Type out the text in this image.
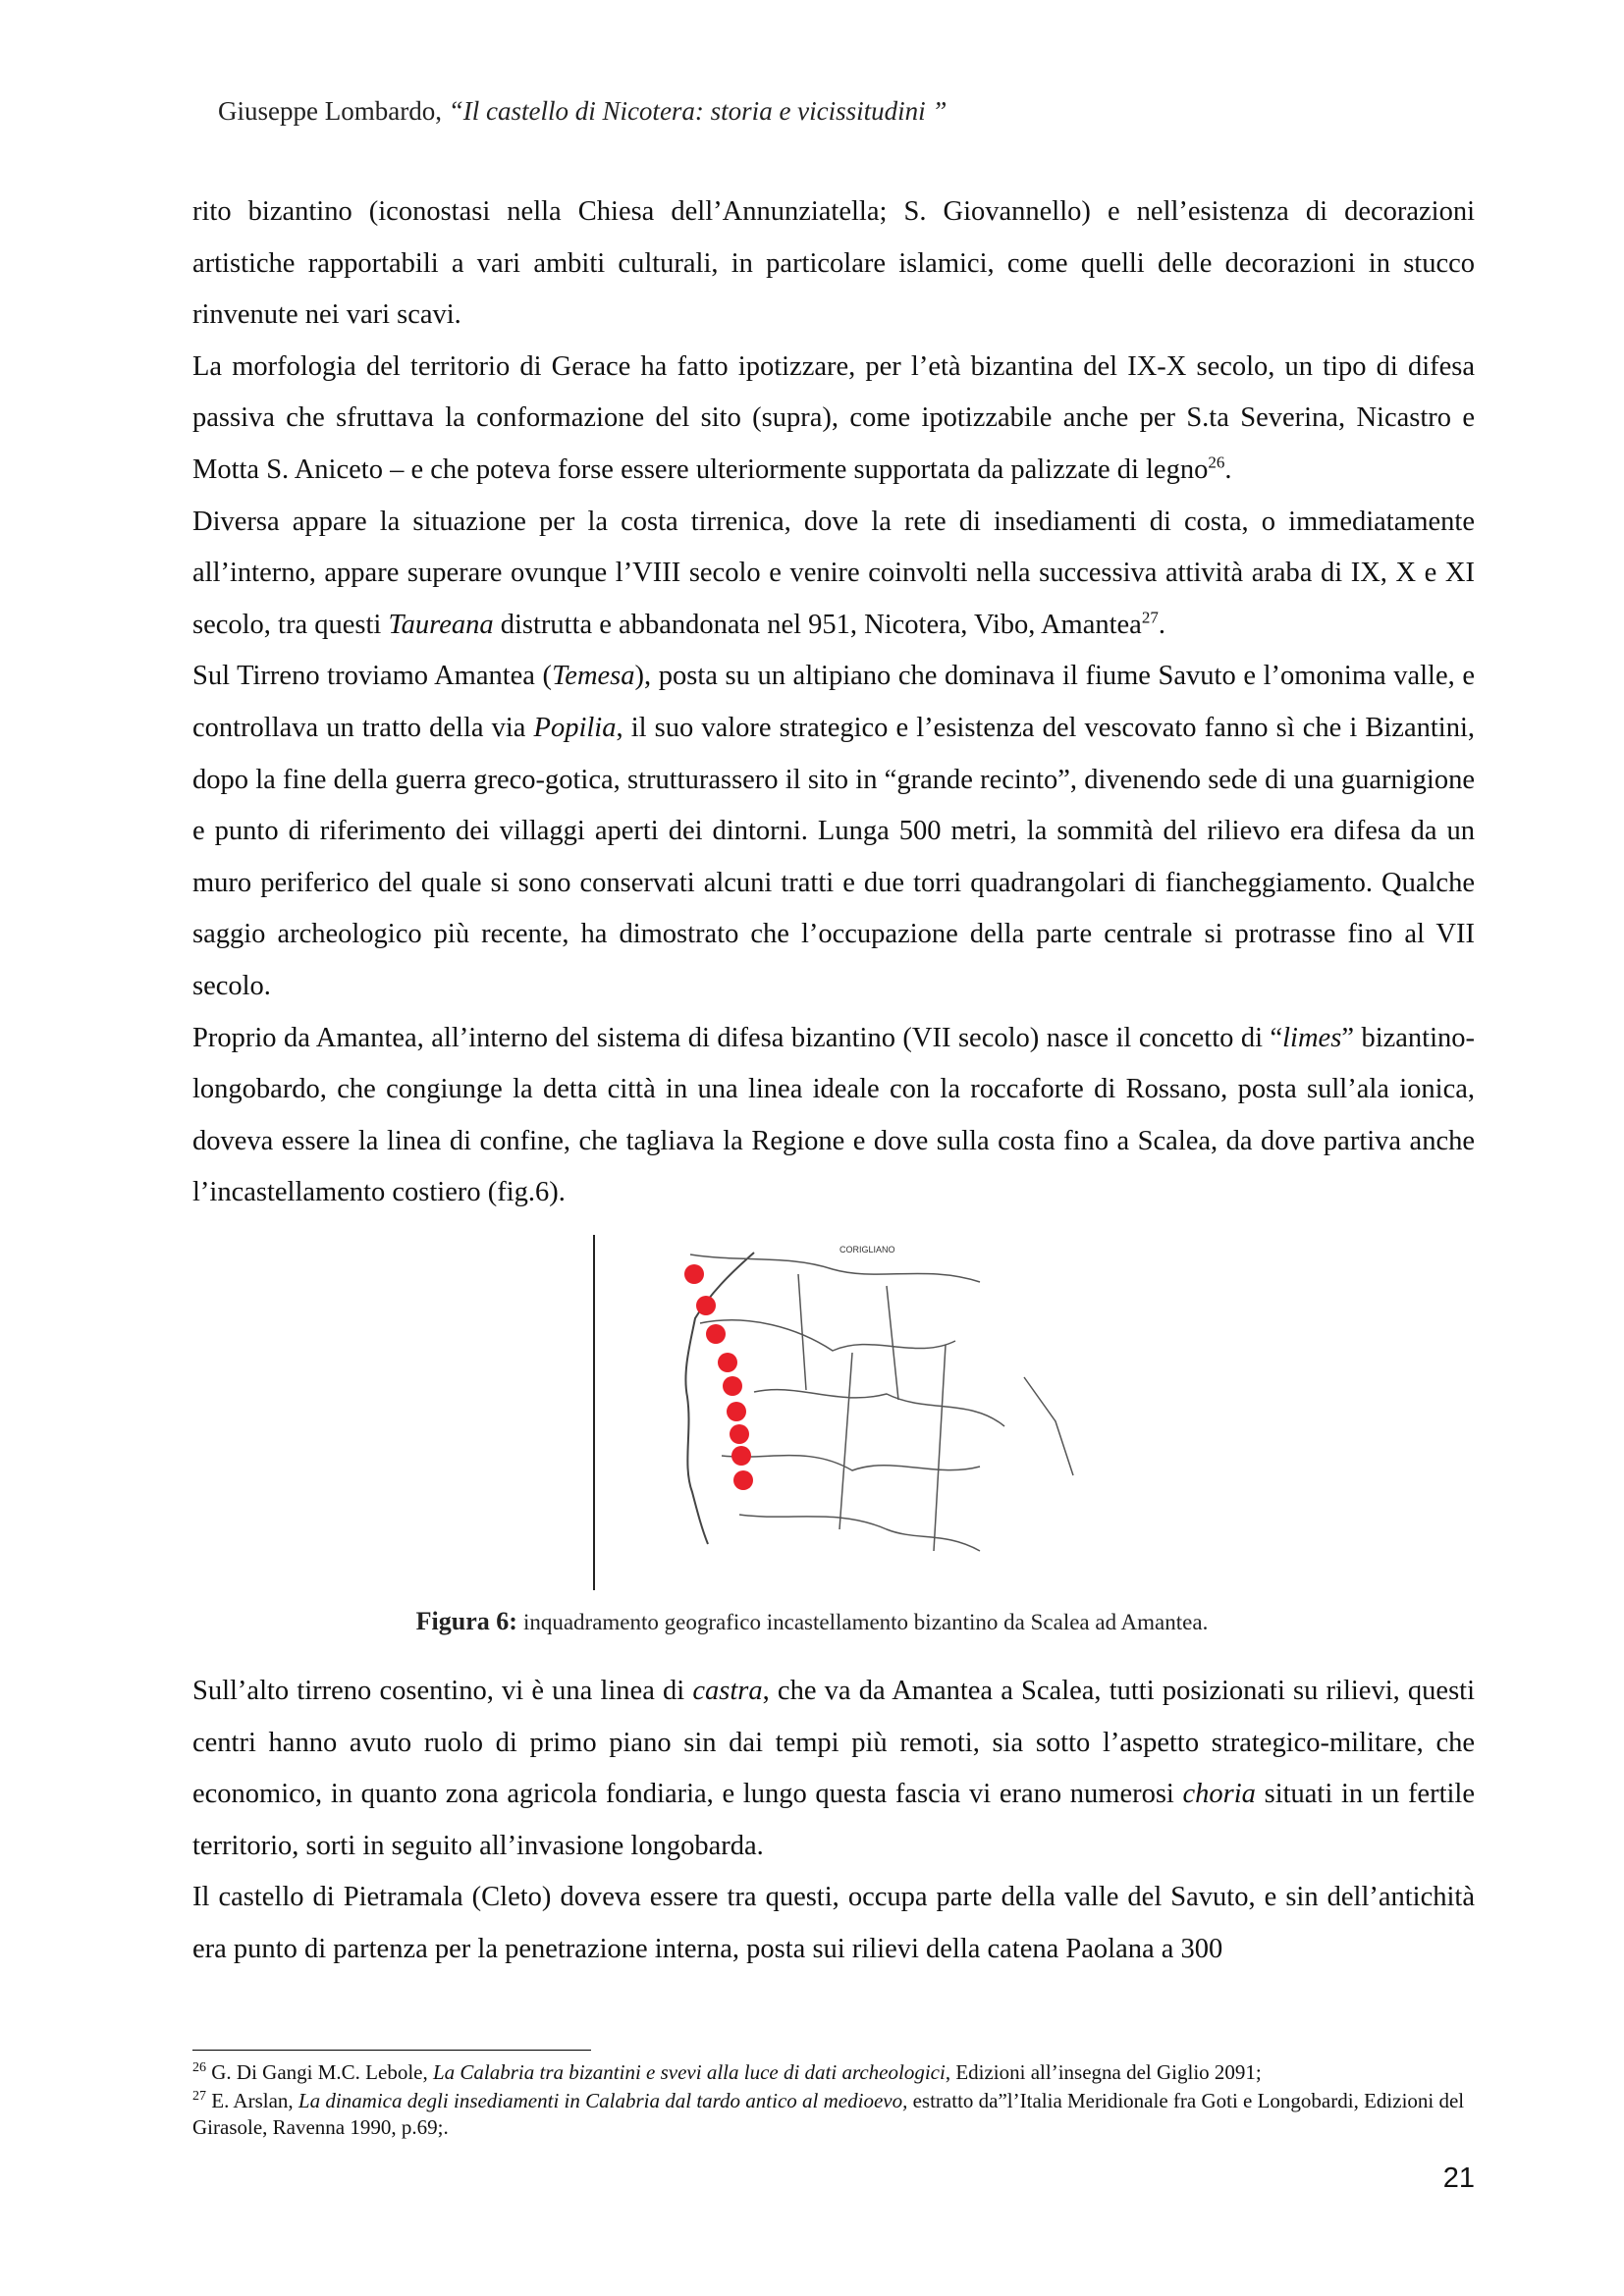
Giuseppe Lombardo, “Il castello di Nicotera: storia e vicissitudini ”

rito bizantino (iconostasi nella Chiesa dell’Annunziatella; S. Giovannello) e nell’esistenza di decorazioni artistiche rapportabili a vari ambiti culturali, in particolare islamici, come quelli delle decorazioni in stucco rinvenute nei vari scavi.

La morfologia del territorio di Gerace ha fatto ipotizzare, per l’età bizantina del IX-X secolo, un tipo di difesa passiva che sfruttava la conformazione del sito (supra), come ipotizzabile anche per S.ta Severina, Nicastro e Motta S. Aniceto – e che poteva forse essere ulteriormente supportata da palizzate di legno$^{26}$.

Diversa appare la situazione per la costa tirrenica, dove la rete di insediamenti di costa, o immediatamente all’interno, appare superare ovunque l’VIII secolo e venire coinvolti nella successiva attività araba di IX, X e XI secolo, tra questi Taureana distrutta e abbandonata nel 951, Nicotera, Vibo, Amantea$^{27}$.

Sul Tirreno troviamo Amantea (Temesa), posta su un altipiano che dominava il fiume Savuto e l’omonima valle, e controllava un tratto della via Popilia, il suo valore strategico e l’esistenza del vescovato fanno sì che i Bizantini, dopo la fine della guerra greco-gotica, strutturassero il sito in “grande recinto”, divenendo sede di una guarnigione e punto di riferimento dei villaggi aperti dei dintorni. Lunga 500 metri, la sommità del rilievo era difesa da un muro periferico del quale si sono conservati alcuni tratti e due torri quadrangolari di fiancheggiamento. Qualche saggio archeologico più recente, ha dimostrato che l’occupazione della parte centrale si protrasse fino al VII secolo.

Proprio da Amantea, all’interno del sistema di difesa bizantino (VII secolo) nasce il concetto di “limes” bizantino-longobardo, che congiunge la detta città in una linea ideale con la roccaforte di Rossano, posta sull’ala ionica, doveva essere la linea di confine, che tagliava la Regione e dove sulla costa fino a Scalea, da dove partiva anche l’incastellamento costiero (fig.6).

CORIGLIANO
Figura 6: inquadramento geografico incastellamento bizantino da Scalea ad Amantea.

Sull’alto tirreno cosentino, vi è una linea di castra, che va da Amantea a Scalea, tutti posizionati su rilievi, questi centri hanno avuto ruolo di primo piano sin dai tempi più remoti, sia sotto l’aspetto strategico-militare, che economico, in quanto zona agricola fondiaria, e lungo questa fascia vi erano numerosi choria situati in un fertile territorio, sorti in seguito all’invasione longobarda.

Il castello di Pietramala (Cleto) doveva essere tra questi, occupa parte della valle del Savuto, e sin dell’antichità era punto di partenza per la penetrazione interna, posta sui rilievi della catena Paolana a 300

$^{26}$ G. Di Gangi M.C. Lebole, La Calabria tra bizantini e svevi alla luce di dati archeologici, Edizioni all’insegna del Giglio 2091;

$^{27}$ E. Arslan, La dinamica degli insediamenti in Calabria dal tardo antico al medioevo, estratto da”l’Italia Meridionale fra Goti e Longobardi, Edizioni del Girasole, Ravenna 1990, p.69;.

21
